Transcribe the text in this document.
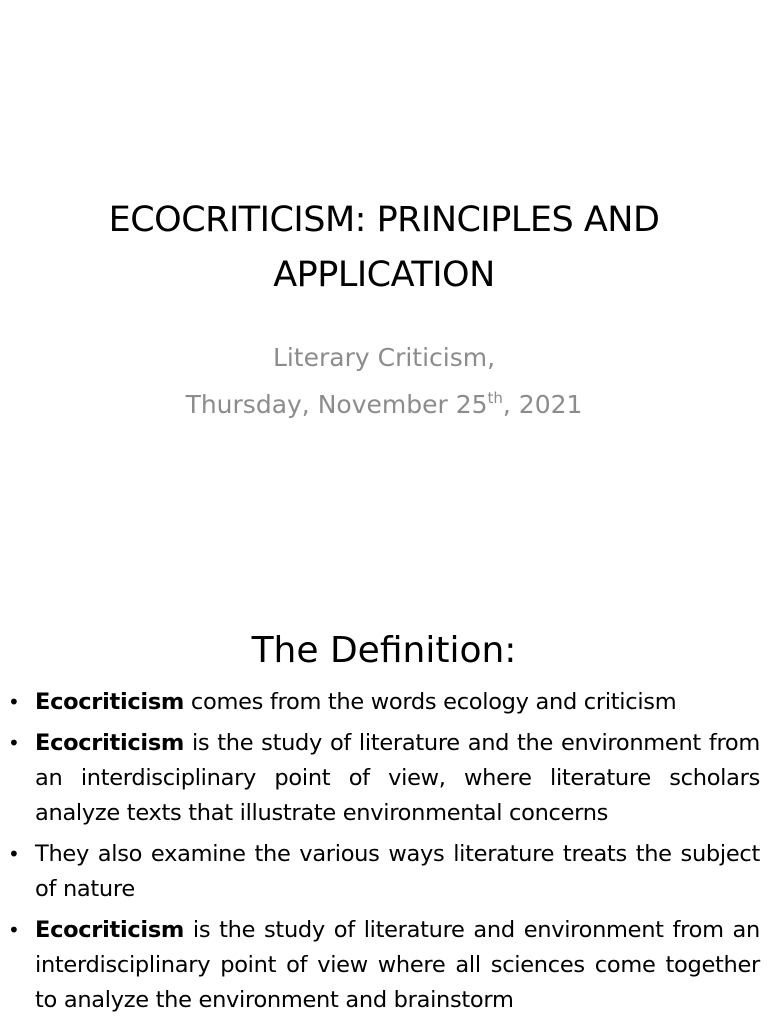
ECOCRITICISM: PRINCIPLES AND
APPLICATION
Literary Criticism,
Thursday, November 25th, 2021
The Definition:
• Ecocriticism comes from the words ecology and criticism
• Ecocriticism is the study of literature and the environment from an interdisciplinary point of view, where literature scholars analyze texts that illustrate environmental concerns
• They also examine the various ways literature treats the subject of nature
• Ecocriticism is the study of literature and environment from an interdisciplinary point of view where all sciences come together to analyze the environment and brainstorm
